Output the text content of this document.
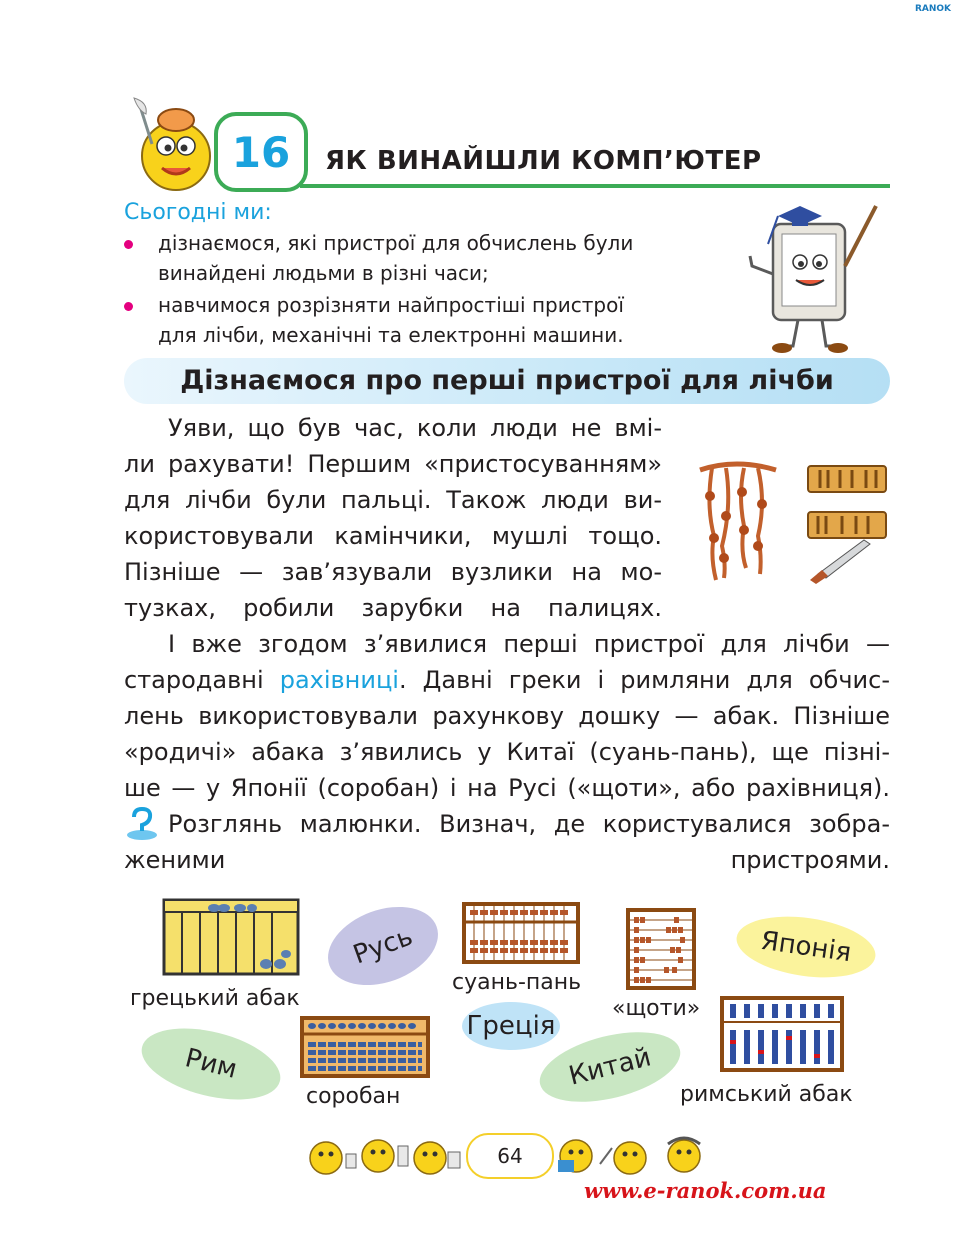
RANOK
16	ЯК ВИНАЙШЛИ КОМП’ЮТЕР
Сьогодні ми:
дізнаємося, які пристрої для обчислень були
винайдені людьми в різні часи;
навчимося розрізняти найпростіші пристрої
для лічби, механічні та електронні машини.
Дізнаємося про перші пристрої для лічби
Уяви, що був час, коли люди не вмі-
ли рахувати! Першим «пристосуванням»
для лічби були пальці. Також люди ви-
користовували камінчики, мушлі тощо.
Пізніше — зав’язували вузлики на мо-
тузках, робили зарубки на палицях.
І вже згодом з’явилися перші пристрої для лічби —
стародавні рахівниці. Давні греки і римляни для обчис-
лень використовували рахункову дошку — абак. Пізніше
«родичі» абака з’явились у Китаї (суань-пань), ще пізні-
ше — у Японії (соробан) і на Русі («щоти», або рахівниця).
Розглянь малюнки. Визнач, де користувалися зобра-
женими пристроями.
грецький абак
Русь
суань-пань
«щоти»
Японія
Греція
Рим
соробан
Китай
римський абак
64
www.e-ranok.com.ua
